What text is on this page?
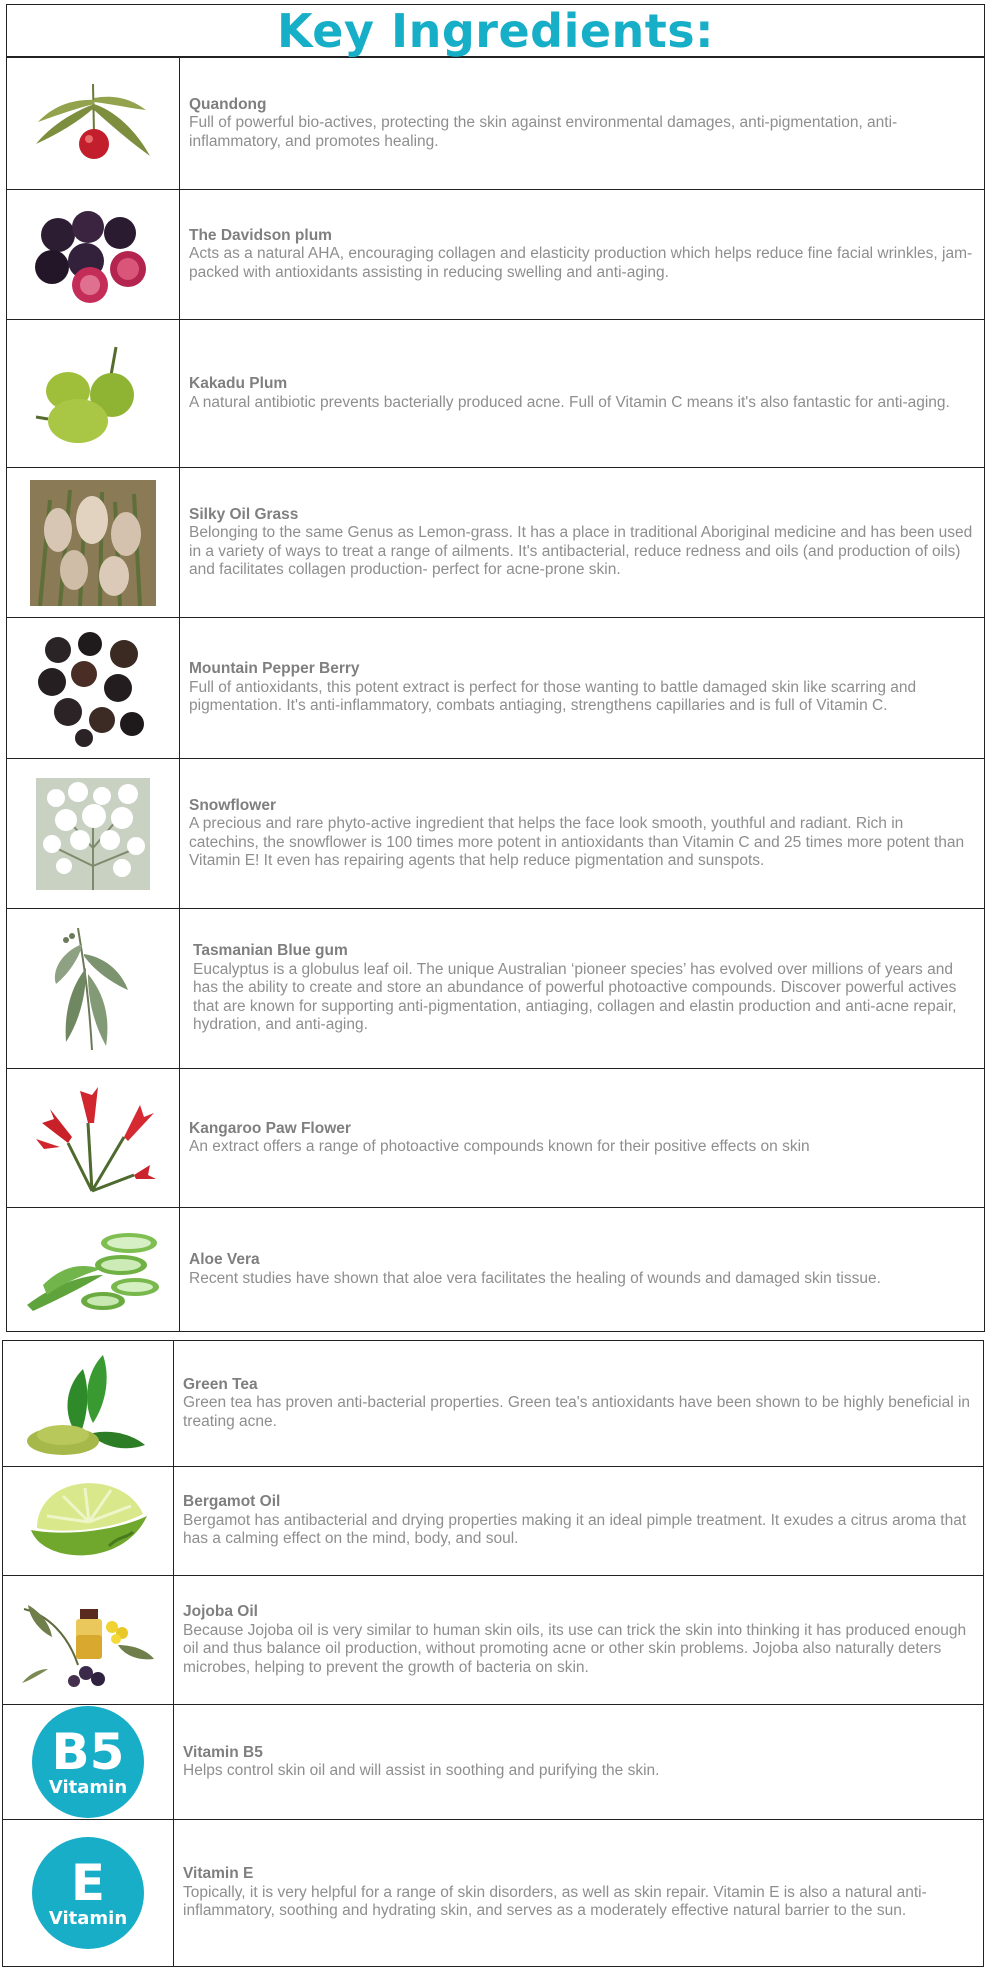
Key Ingredients:
Quandong
Full of powerful bio-actives, protecting the skin against environmental damages, anti-pigmentation, anti-inflammatory, and promotes healing.
The Davidson plum
Acts as a natural AHA, encouraging collagen and elasticity production which helps reduce fine facial wrinkles, jam-packed with antioxidants assisting in reducing swelling and anti-aging.
Kakadu Plum
A natural antibiotic prevents bacterially produced acne. Full of Vitamin C means it's also fantastic for anti-aging.
Silky Oil Grass
Belonging to the same Genus as Lemon-grass. It has a place in traditional Aboriginal medicine and has been used in a variety of ways to treat a range of ailments. It's antibacterial, reduce redness and oils (and production of oils) and facilitates collagen production- perfect for acne-prone skin.
Mountain Pepper Berry
Full of antioxidants, this potent extract is perfect for those wanting to battle damaged skin like scarring and pigmentation. It's anti-inflammatory, combats antiaging, strengthens capillaries and is full of Vitamin C.
Snowflower
A precious and rare phyto-active ingredient that helps the face look smooth, youthful and radiant. Rich in catechins, the snowflower is 100 times more potent in antioxidants than Vitamin C and 25 times more potent than Vitamin E! It even has repairing agents that help reduce pigmentation and sunspots.
Tasmanian Blue gum
Eucalyptus is a globulus leaf oil. The unique Australian ‘pioneer species’ has evolved over millions of years and has the ability to create and store an abundance of powerful photoactive compounds. Discover powerful actives that are known for supporting anti-pigmentation, antiaging, collagen and elastin production and anti-acne repair, hydration, and anti-aging.
Kangaroo Paw Flower
An extract offers a range of photoactive compounds known for their positive effects on skin
Aloe Vera
Recent studies have shown that aloe vera facilitates the healing of wounds and damaged skin tissue.
Green Tea
Green tea has proven anti-bacterial properties. Green tea's antioxidants have been shown to be highly beneficial in treating acne.
Bergamot Oil
Bergamot has antibacterial and drying properties making it an ideal pimple treatment. It exudes a citrus aroma that has a calming effect on the mind, body, and soul.
Jojoba Oil
Because Jojoba oil is very similar to human skin oils, its use can trick the skin into thinking it has produced enough oil and thus balance oil production, without promoting acne or other skin problems. Jojoba also naturally deters microbes, helping to prevent the growth of bacteria on skin.
B5
Vitamin
Vitamin B5
Helps control skin oil and will assist in soothing and purifying the skin.
E
Vitamin
Vitamin E
Topically, it is very helpful for a range of skin disorders, as well as skin repair. Vitamin E is also a natural anti-inflammatory, soothing and hydrating skin, and serves as a moderately effective natural barrier to the sun.
